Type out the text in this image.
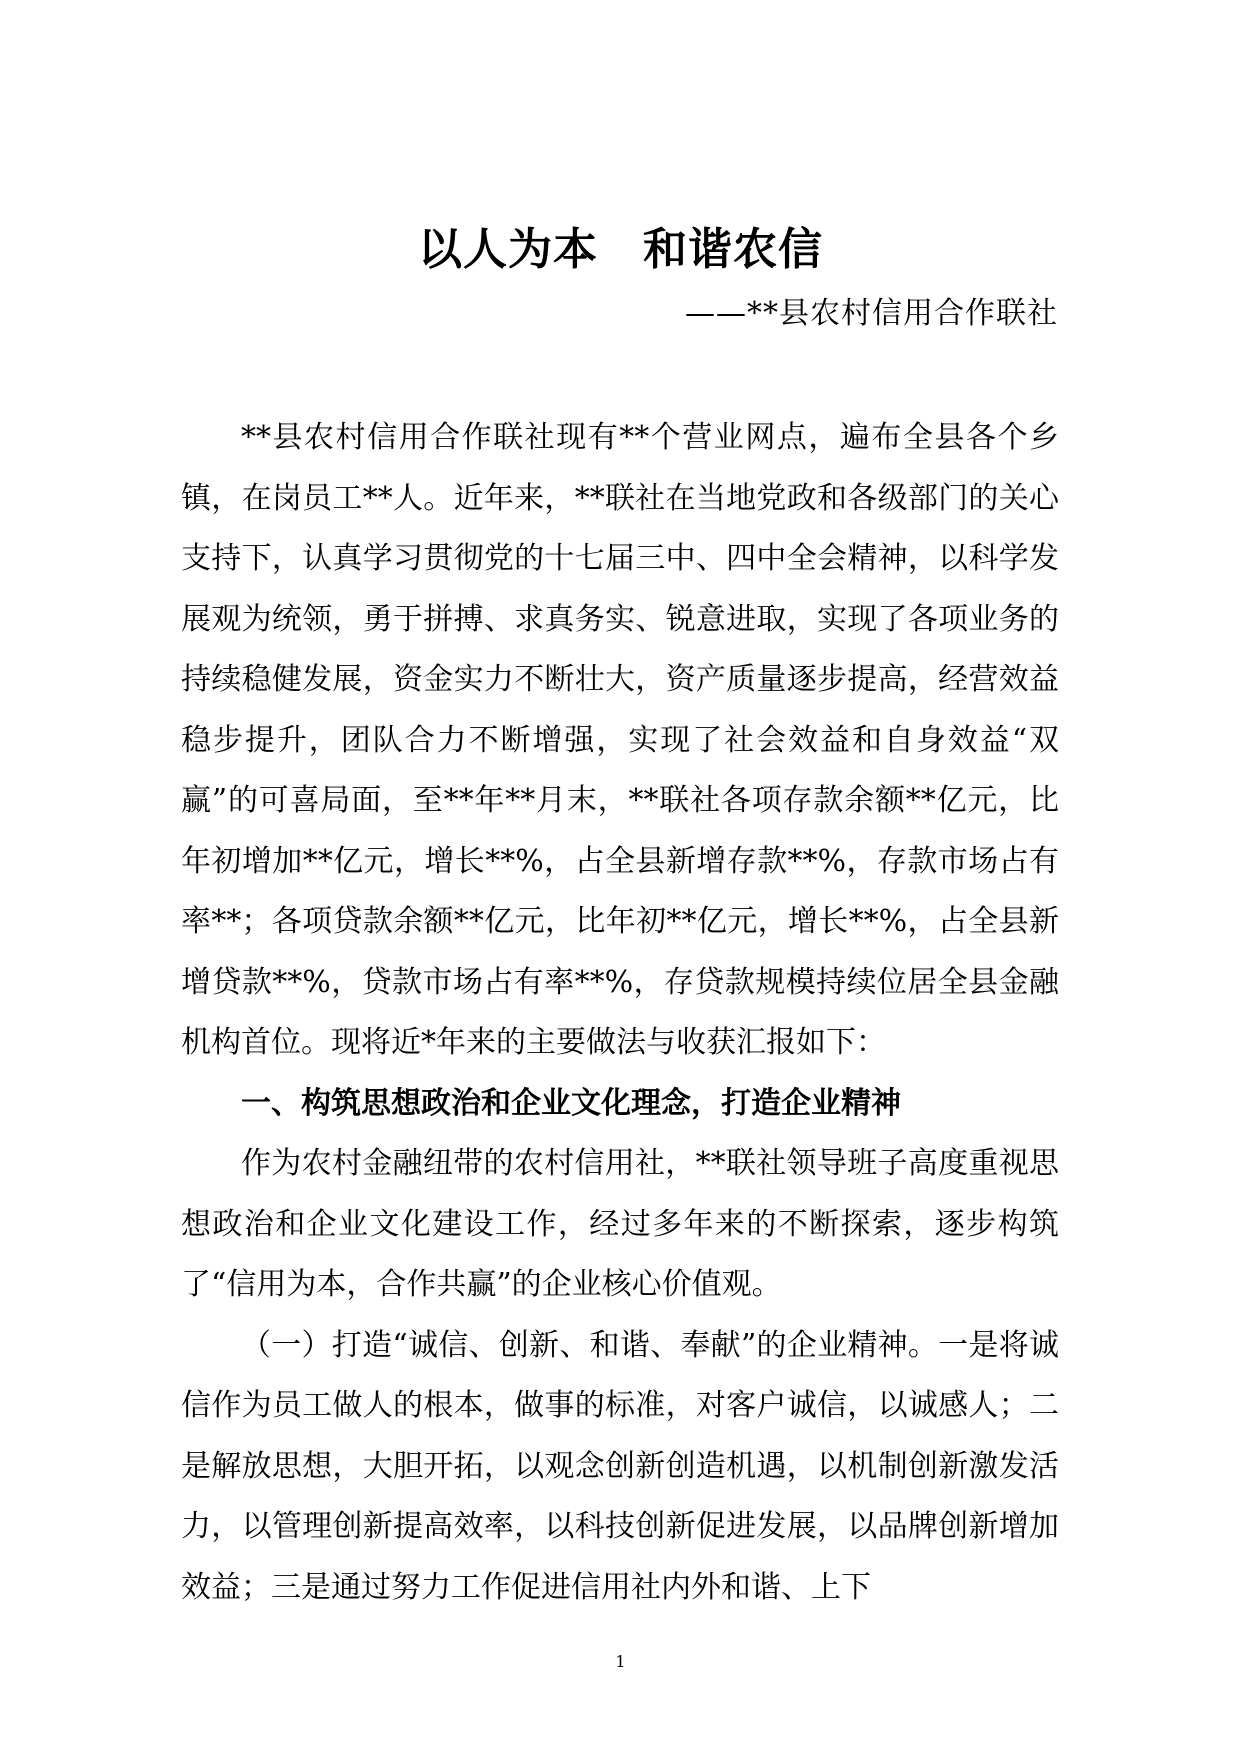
以人为本　和谐农信
——**县农村信用合作联社

**县农村信用合作联社现有**个营业网点，遍布全县各个乡镇，在岗员工**人。近年来，**联社在当地党政和各级部门的关心支持下，认真学习贯彻党的十七届三中、四中全会精神，以科学发展观为统领，勇于拼搏、求真务实、锐意进取，实现了各项业务的持续稳健发展，资金实力不断壮大，资产质量逐步提高，经营效益稳步提升，团队合力不断增强，实现了社会效益和自身效益“双赢”的可喜局面，至**年**月末，**联社各项存款余额**亿元，比年初增加**亿元，增长**%，占全县新增存款**%，存款市场占有率**；各项贷款余额**亿元，比年初**亿元，增长**%，占全县新增贷款**%，贷款市场占有率**%，存贷款规模持续位居全县金融机构首位。现将近*年来的主要做法与收获汇报如下：

一、构筑思想政治和企业文化理念，打造企业精神

作为农村金融纽带的农村信用社，**联社领导班子高度重视思想政治和企业文化建设工作，经过多年来的不断探索，逐步构筑了“信用为本，合作共赢”的企业核心价值观。

（一）打造“诚信、创新、和谐、奉献”的企业精神。一是将诚信作为员工做人的根本，做事的标准，对客户诚信，以诚感人；二是解放思想，大胆开拓，以观念创新创造机遇，以机制创新激发活力，以管理创新提高效率，以科技创新促进发展，以品牌创新增加效益；三是通过努力工作促进信用社内外和谐、上下

1
